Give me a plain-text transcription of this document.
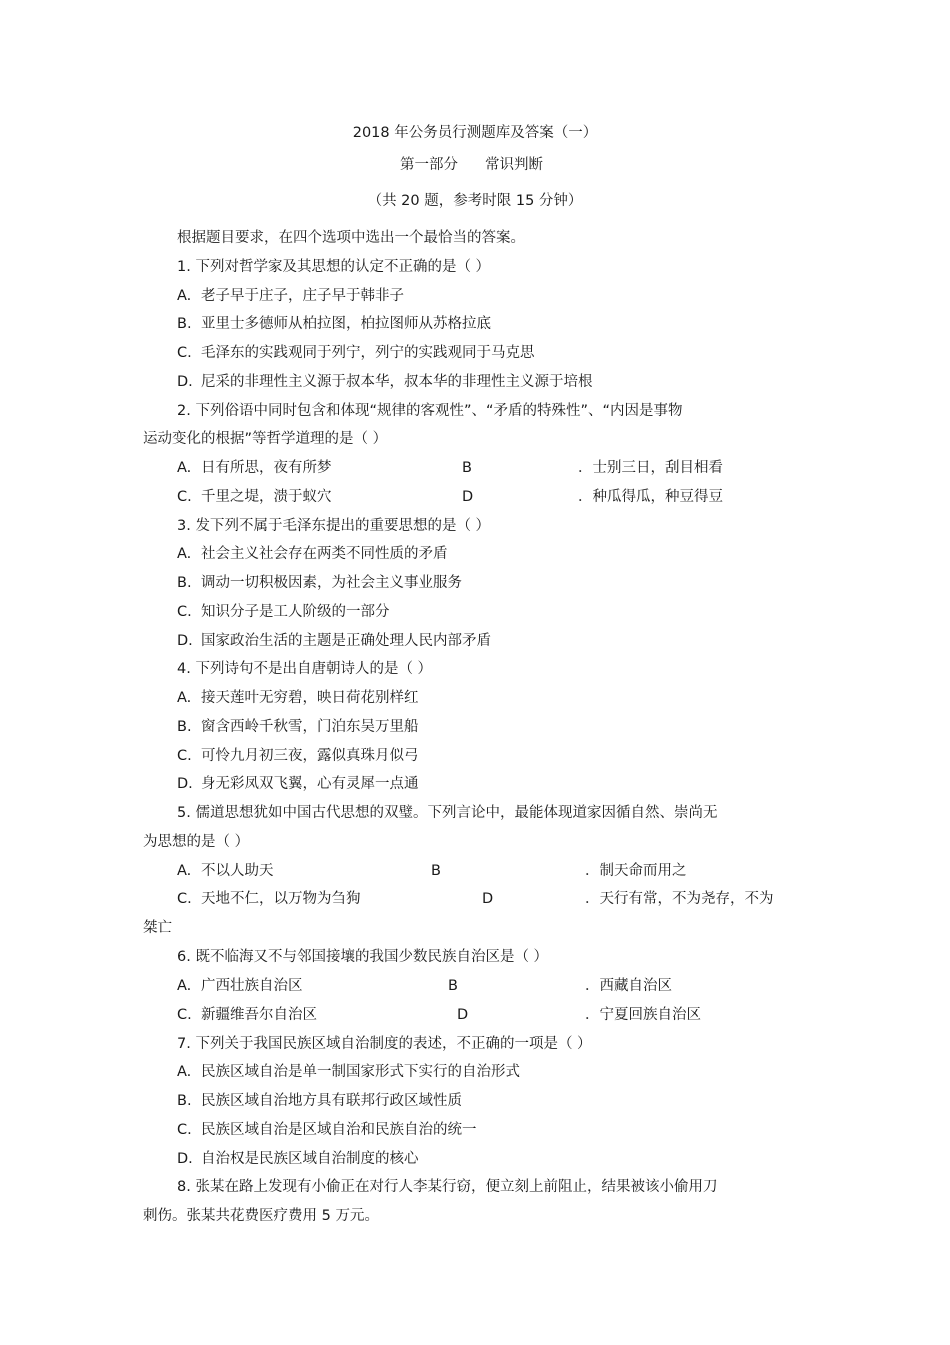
2018 年公务员行测题库及答案（一）
第一部分 常识判断
（共 20 题，参考时限 15 分钟）
根据题目要求，在四个选项中选出一个最恰当的答案。
1. 下列对哲学家及其思想的认定不正确的是（ ）
A. 老子早于庄子，庄子早于韩非子
B. 亚里士多德师从柏拉图，柏拉图师从苏格拉底
C. 毛泽东的实践观同于列宁，列宁的实践观同于马克思
D. 尼采的非理性主义源于叔本华，叔本华的非理性主义源于培根
2. 下列俗语中同时包含和体现“规律的客观性”、“矛盾的特殊性”、“内因是事物
运动变化的根据”等哲学道理的是（ ）
A. 日有所思，夜有所梦	B	．士别三日，刮目相看
C. 千里之堤，溃于蚁穴	D	．种瓜得瓜，种豆得豆
3. 发下列不属于毛泽东提出的重要思想的是（ ）
A. 社会主义社会存在两类不同性质的矛盾
B. 调动一切积极因素，为社会主义事业服务
C. 知识分子是工人阶级的一部分
D. 国家政治生活的主题是正确处理人民内部矛盾
4. 下列诗句不是出自唐朝诗人的是（ ）
A. 接天莲叶无穷碧，映日荷花别样红
B. 窗含西岭千秋雪，门泊东吴万里船
C. 可怜九月初三夜，露似真珠月似弓
D. 身无彩凤双飞翼，心有灵犀一点通
5. 儒道思想犹如中国古代思想的双璧。下列言论中，最能体现道家因循自然、崇尚无
为思想的是（ ）
A. 不以人助天	B	．制天命而用之
C. 天地不仁，以万物为刍狗	D	．天行有常，不为尧存，不为
桀亡
6. 既不临海又不与邻国接壤的我国少数民族自治区是（ ）
A. 广西壮族自治区	B	．西藏自治区
C. 新疆维吾尔自治区	D	．宁夏回族自治区
7. 下列关于我国民族区域自治制度的表述，不正确的一项是（ ）
A. 民族区域自治是单一制国家形式下实行的自治形式
B. 民族区域自治地方具有联邦行政区域性质
C. 民族区域自治是区域自治和民族自治的统一
D. 自治权是民族区域自治制度的核心
8. 张某在路上发现有小偷正在对行人李某行窃，便立刻上前阻止，结果被该小偷用刀
刺伤。张某共花费医疗费用 5 万元。
